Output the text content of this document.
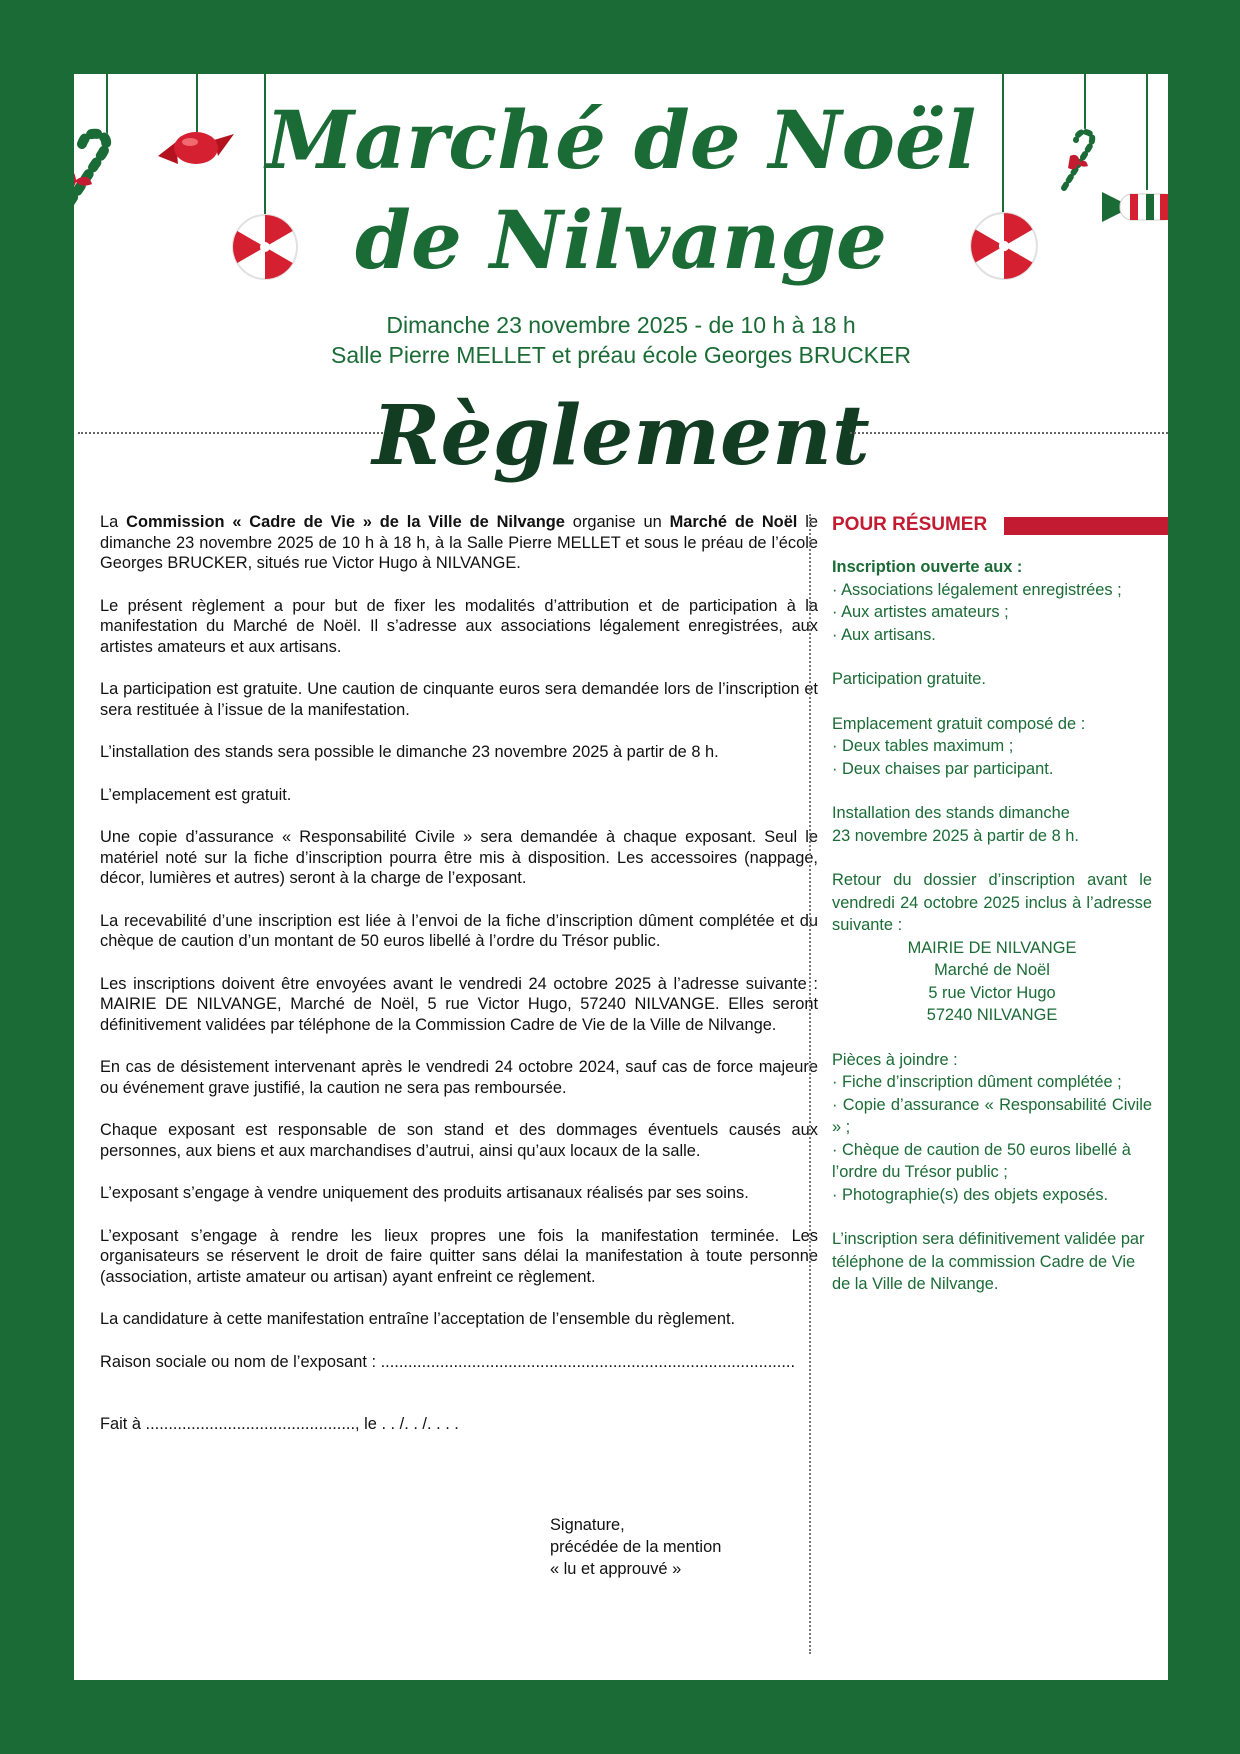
Marché de Noël
de Nilvange
Dimanche 23 novembre 2025 - de 10 h à 18 h
Salle Pierre MELLET et préau école Georges BRUCKER
Règlement

La Commission « Cadre de Vie » de la Ville de Nilvange organise un Marché de Noël le dimanche 23 novembre 2025 de 10 h à 18 h, à la Salle Pierre MELLET et sous le préau de l’école Georges BRUCKER, situés rue Victor Hugo à NILVANGE.

Le présent règlement a pour but de fixer les modalités d’attribution et de participation à la manifestation du Marché de Noël. Il s’adresse aux associations légalement enregistrées, aux artistes amateurs et aux artisans.

La participation est gratuite. Une caution de cinquante euros sera demandée lors de l’inscription et sera restituée à l’issue de la manifestation.

L’installation des stands sera possible le dimanche 23 novembre 2025 à partir de 8 h.

L’emplacement est gratuit.

Une copie d’assurance « Responsabilité Civile » sera demandée à chaque exposant. Seul le matériel noté sur la fiche d’inscription pourra être mis à disposition. Les accessoires (nappage, décor, lumières et autres) seront à la charge de l’exposant.

La recevabilité d’une inscription est liée à l’envoi de la fiche d’inscription dûment complétée et du chèque de caution d’un montant de 50 euros libellé à l’ordre du Trésor public.

Les inscriptions doivent être envoyées avant le vendredi 24 octobre 2025 à l’adresse suivante : MAIRIE DE NILVANGE, Marché de Noël, 5 rue Victor Hugo, 57240 NILVANGE. Elles seront définitivement validées par téléphone de la Commission Cadre de Vie de la Ville de Nilvange.

En cas de désistement intervenant après le vendredi 24 octobre 2024, sauf cas de force majeure ou événement grave justifié, la caution ne sera pas remboursée.

Chaque exposant est responsable de son stand et des dommages éventuels causés aux personnes, aux biens et aux marchandises d’autrui, ainsi qu’aux locaux de la salle.

L’exposant s’engage à vendre uniquement des produits artisanaux réalisés par ses soins.

L’exposant s’engage à rendre les lieux propres une fois la manifestation terminée. Les organisateurs se réservent le droit de faire quitter sans délai la manifestation à toute personne (association, artiste amateur ou artisan) ayant enfreint ce règlement.

La candidature à cette manifestation entraîne l’acceptation de l’ensemble du règlement.

Raison sociale ou nom de l’exposant : ...........................................................................................

Fait à .............................................., le . . /. . /. . . .

Signature,
précédée de la mention
« lu et approuvé »
POUR RÉSUMER
Inscription ouverte aux :
· Associations légalement enregistrées ;
· Aux artistes amateurs ;
· Aux artisans.
Participation gratuite.
Emplacement gratuit composé de :
· Deux tables maximum ;
· Deux chaises par participant.
Installation des stands dimanche
23 novembre 2025 à partir de 8 h.
Retour du dossier d’inscription avant le vendredi 24 octobre 2025 inclus à l’adresse suivante :
MAIRIE DE NILVANGE
Marché de Noël
5 rue Victor Hugo
57240 NILVANGE
Pièces à joindre :
· Fiche d’inscription dûment complétée ;
· Copie d’assurance « Responsabilité Civile » ;
· Chèque de caution de 50 euros libellé à l’ordre du Trésor public ;
· Photographie(s) des objets exposés.
L’inscription sera définitivement validée par téléphone de la commission Cadre de Vie de la Ville de Nilvange.
